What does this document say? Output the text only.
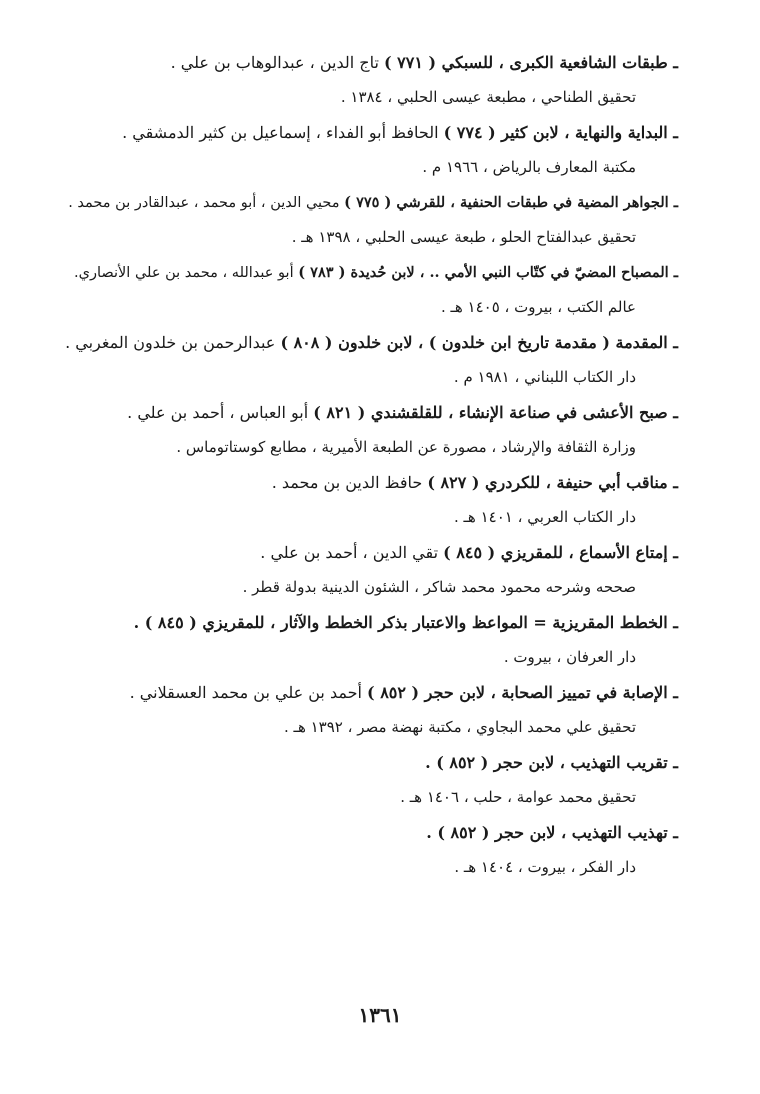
ـ طبقات الشافعية الكبرى ، للسبكي ( ٧٧١ ) تاج الدين ، عبدالوهاب بن علي .
تحقيق الطناحي ، مطبعة عيسى الحلبي ، ١٣٨٤ .
ـ البداية والنهاية ، لابن كثير ( ٧٧٤ ) الحافظ أبو الفداء ، إسماعيل بن كثير الدمشقي .
مكتبة المعارف بالرياض ، ١٩٦٦ م .
ـ الجواهر المضية في طبقات الحنفية ، للقرشي ( ٧٧٥ ) محيي الدين ، أبو محمد ، عبدالقادر بن محمد .
تحقيق عبدالفتاح الحلو ، طبعة عيسى الحلبي ، ١٣٩٨ هـ .
ـ المصباح المضيّ في كتّاب النبي الأمي .. ، لابن حُديدة ( ٧٨٣ ) أبو عبدالله ، محمد بن علي الأنصاري.
عالم الكتب ، بيروت ، ١٤٠٥ هـ .
ـ المقدمة ( مقدمة تاريخ ابن خلدون ) ، لابن خلدون ( ٨٠٨ ) عبدالرحمن بن خلدون المغربي .
دار الكتاب اللبناني ، ١٩٨١ م .
ـ صبح الأعشى في صناعة الإنشاء ، للقلقشندي ( ٨٢١ ) أبو العباس ، أحمد بن علي .
وزارة الثقافة والإرشاد ، مصورة عن الطبعة الأميرية ، مطابع كوستاتوماس .
ـ مناقب أبي حنيفة ، للكردري ( ٨٢٧ ) حافظ الدين بن محمد .
دار الكتاب العربي ، ١٤٠١ هـ .
ـ إمتاع الأسماع ، للمقريزي ( ٨٤٥ ) تقي الدين ، أحمد بن علي .
صححه وشرحه محمود محمد شاكر ، الشئون الدينية بدولة قطر .
ـ الخطط المقريزية = المواعظ والاعتبار بذكر الخطط والآثار ، للمقريزي ( ٨٤٥ ) .
دار العرفان ، بيروت .
ـ الإصابة في تمييز الصحابة ، لابن حجر ( ٨٥٢ ) أحمد بن علي بن محمد العسقلاني .
تحقيق علي محمد البجاوي ، مكتبة نهضة مصر ، ١٣٩٢ هـ .
ـ تقريب التهذيب ، لابن حجر ( ٨٥٢ ) .
تحقيق محمد عوامة ، حلب ، ١٤٠٦ هـ .
ـ تهذيب التهذيب ، لابن حجر ( ٨٥٢ ) .
دار الفكر ، بيروت ، ١٤٠٤ هـ .
١٣٦١
